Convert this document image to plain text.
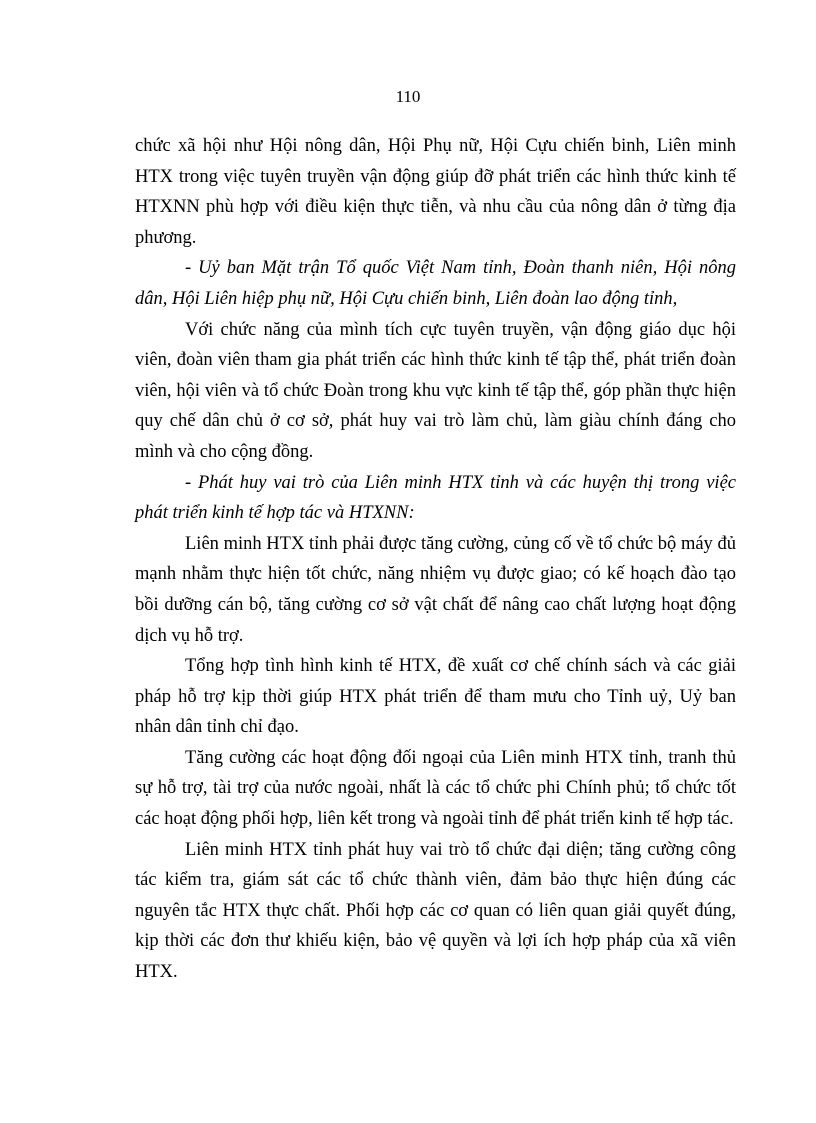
110

chức xã hội như Hội nông dân, Hội Phụ nữ, Hội Cựu chiến binh, Liên minh HTX trong việc tuyên truyền vận động giúp đỡ phát triển các hình thức kinh tế HTXNN phù hợp với điều kiện thực tiễn, và nhu cầu của nông dân ở từng địa phương.

- Uỷ ban Mặt trận Tổ quốc Việt Nam tỉnh, Đoàn thanh niên, Hội nông dân, Hội Liên hiệp phụ nữ, Hội Cựu chiến binh, Liên đoàn lao động tỉnh,

Với chức năng của mình tích cực tuyên truyền, vận động giáo dục hội viên, đoàn viên tham gia phát triển các hình thức kinh tế tập thể, phát triển đoàn viên, hội viên và tổ chức Đoàn trong khu vực kinh tế tập thể, góp phần thực hiện quy chế dân chủ ở cơ sở, phát huy vai trò làm chủ, làm giàu chính đáng cho mình và cho cộng đồng.

- Phát huy vai trò của Liên minh HTX tỉnh và các huyện thị trong việc phát triển kinh tế hợp tác và HTXNN:

Liên minh HTX tỉnh phải được tăng cường, củng cố về tổ chức bộ máy đủ mạnh nhằm thực hiện tốt chức, năng nhiệm vụ được giao; có kế hoạch đào tạo bồi dưỡng cán bộ, tăng cường cơ sở vật chất để nâng cao chất lượng hoạt động dịch vụ hỗ trợ.

Tổng hợp tình hình kinh tế HTX, đề xuất cơ chế chính sách và các giải pháp hỗ trợ kịp thời giúp HTX phát triển để tham mưu cho Tỉnh uỷ, Uỷ ban nhân dân tỉnh chỉ đạo.

Tăng cường các hoạt động đối ngoại của Liên minh HTX tỉnh, tranh thủ sự hỗ trợ, tài trợ của nước ngoài, nhất là các tổ chức phi Chính phủ; tổ chức tốt các hoạt động phối hợp, liên kết trong và ngoài tỉnh để phát triển kinh tế hợp tác.

Liên minh HTX tỉnh phát huy vai trò tổ chức đại diện; tăng cường công tác kiểm tra, giám sát các tổ chức thành viên, đảm bảo thực hiện đúng các nguyên tắc HTX thực chất. Phối hợp các cơ quan có liên quan giải quyết đúng, kịp thời các đơn thư khiếu kiện, bảo vệ quyền và lợi ích hợp pháp của xã viên HTX.
